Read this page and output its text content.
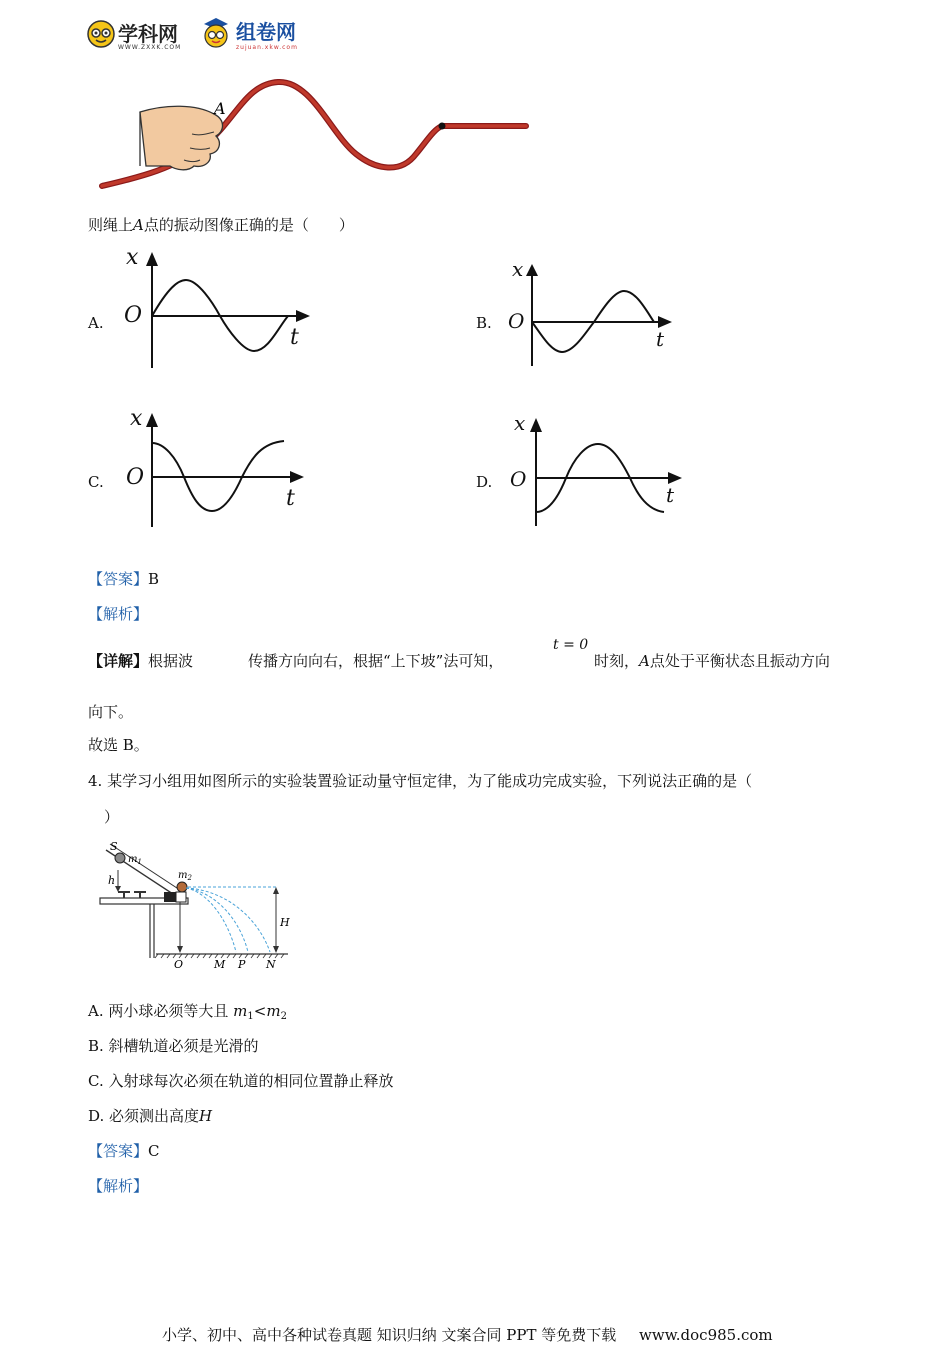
学科网
WWW.ZXXK.COM
组卷网
zujuan.xkw.com
A
则绳上A点的振动图像正确的是（　　）
A.
x
O
t
B.
x
O
t
C.
x
O
t
D.
x
O
t
【答案】B
【解析】
【详解】根据波	传播方向向右，根据“上下坡”法可知，
t = 0
时刻，A点处于平衡状态且振动方向
向下。
故选 B。
4. 某学习小组用如图所示的实验装置验证动量守恒定律，为了能成功完成实验，下列说法正确的是（
）
S
$m_1$
$m_2$
h
H
O	M P N
A. 两小球必须等大且 $m_1<m_2$
B. 斜槽轨道必须是光滑的
C. 入射球每次必须在轨道的相同位置静止释放
D. 必须测出高度H
【答案】C
【解析】
小学、初中、高中各种试卷真题 知识归纳 文案合同 PPT 等免费下载 www.doc985.com
